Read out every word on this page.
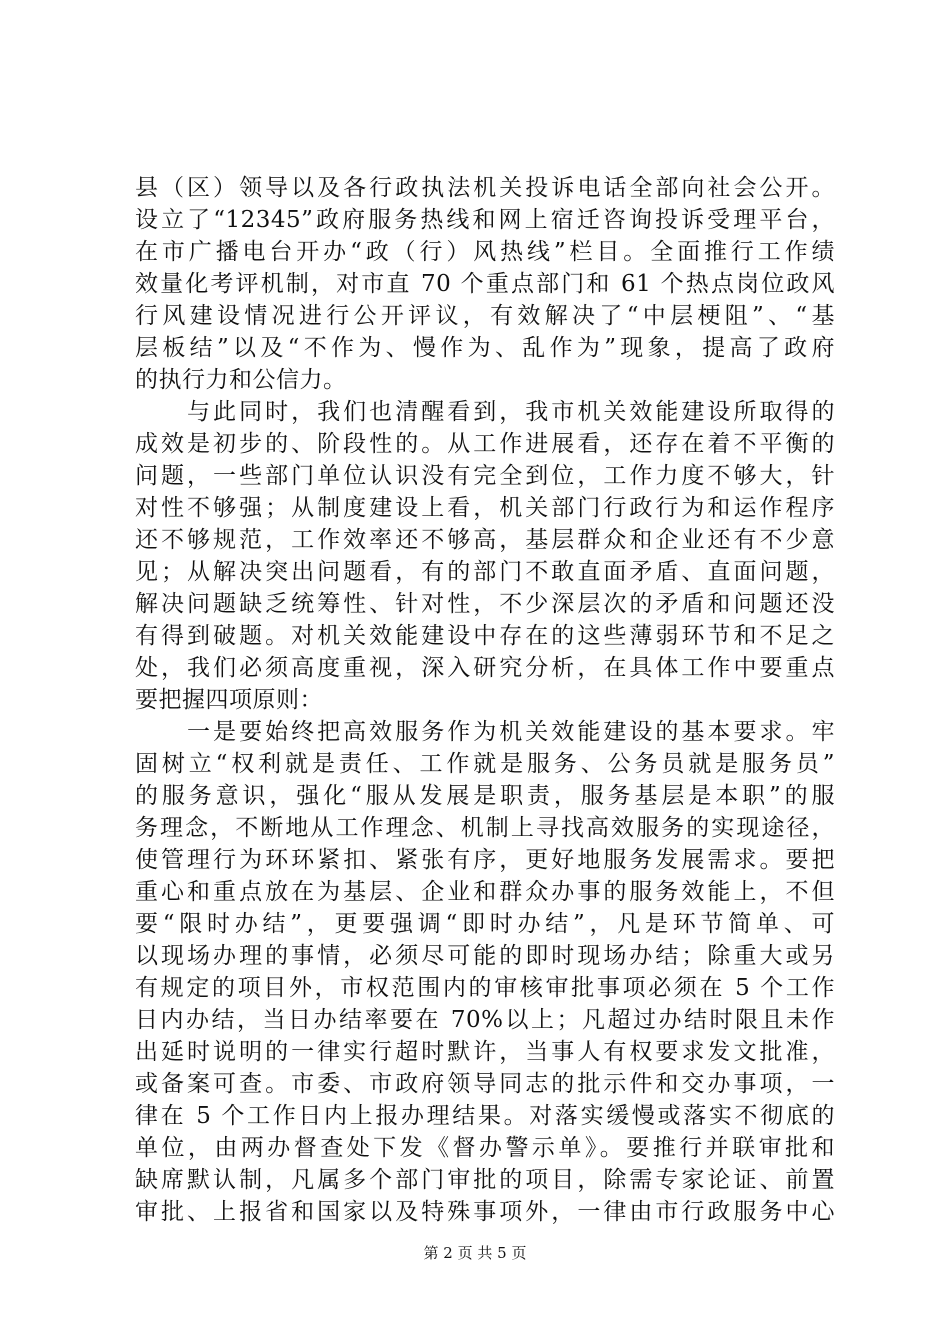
县（区）领导以及各行政执法机关投诉电话全部向社会公开。
设立了“12345”政府服务热线和网上宿迁咨询投诉受理平台，
在市广播电台开办“政（行）风热线”栏目。全面推行工作绩
效量化考评机制，对市直 70 个重点部门和 61 个热点岗位政风
行风建设情况进行公开评议，有效解决了“中层梗阻”、“基
层板结”以及“不作为、慢作为、乱作为”现象，提高了政府
的执行力和公信力。
　　与此同时，我们也清醒看到，我市机关效能建设所取得的
成效是初步的、阶段性的。从工作进展看，还存在着不平衡的
问题，一些部门单位认识没有完全到位，工作力度不够大，针
对性不够强；从制度建设上看，机关部门行政行为和运作程序
还不够规范，工作效率还不够高，基层群众和企业还有不少意
见；从解决突出问题看，有的部门不敢直面矛盾、直面问题，
解决问题缺乏统筹性、针对性，不少深层次的矛盾和问题还没
有得到破题。对机关效能建设中存在的这些薄弱环节和不足之
处，我们必须高度重视，深入研究分析，在具体工作中要重点
要把握四项原则：
　　一是要始终把高效服务作为机关效能建设的基本要求。牢
固树立“权利就是责任、工作就是服务、公务员就是服务员”
的服务意识，强化“服从发展是职责，服务基层是本职”的服
务理念，不断地从工作理念、机制上寻找高效服务的实现途径，
使管理行为环环紧扣、紧张有序，更好地服务发展需求。要把
重心和重点放在为基层、企业和群众办事的服务效能上，不但
要“限时办结”，更要强调“即时办结”，凡是环节简单、可
以现场办理的事情，必须尽可能的即时现场办结；除重大或另
有规定的项目外，市权范围内的审核审批事项必须在 5 个工作
日内办结，当日办结率要在 70%以上；凡超过办结时限且未作
出延时说明的一律实行超时默许，当事人有权要求发文批准，
或备案可查。市委、市政府领导同志的批示件和交办事项，一
律在 5 个工作日内上报办理结果。对落实缓慢或落实不彻底的
单位，由两办督查处下发《督办警示单》。要推行并联审批和
缺席默认制，凡属多个部门审批的项目，除需专家论证、前置
审批、上报省和国家以及特殊事项外，一律由市行政服务中心
第 2 页 共 5 页
